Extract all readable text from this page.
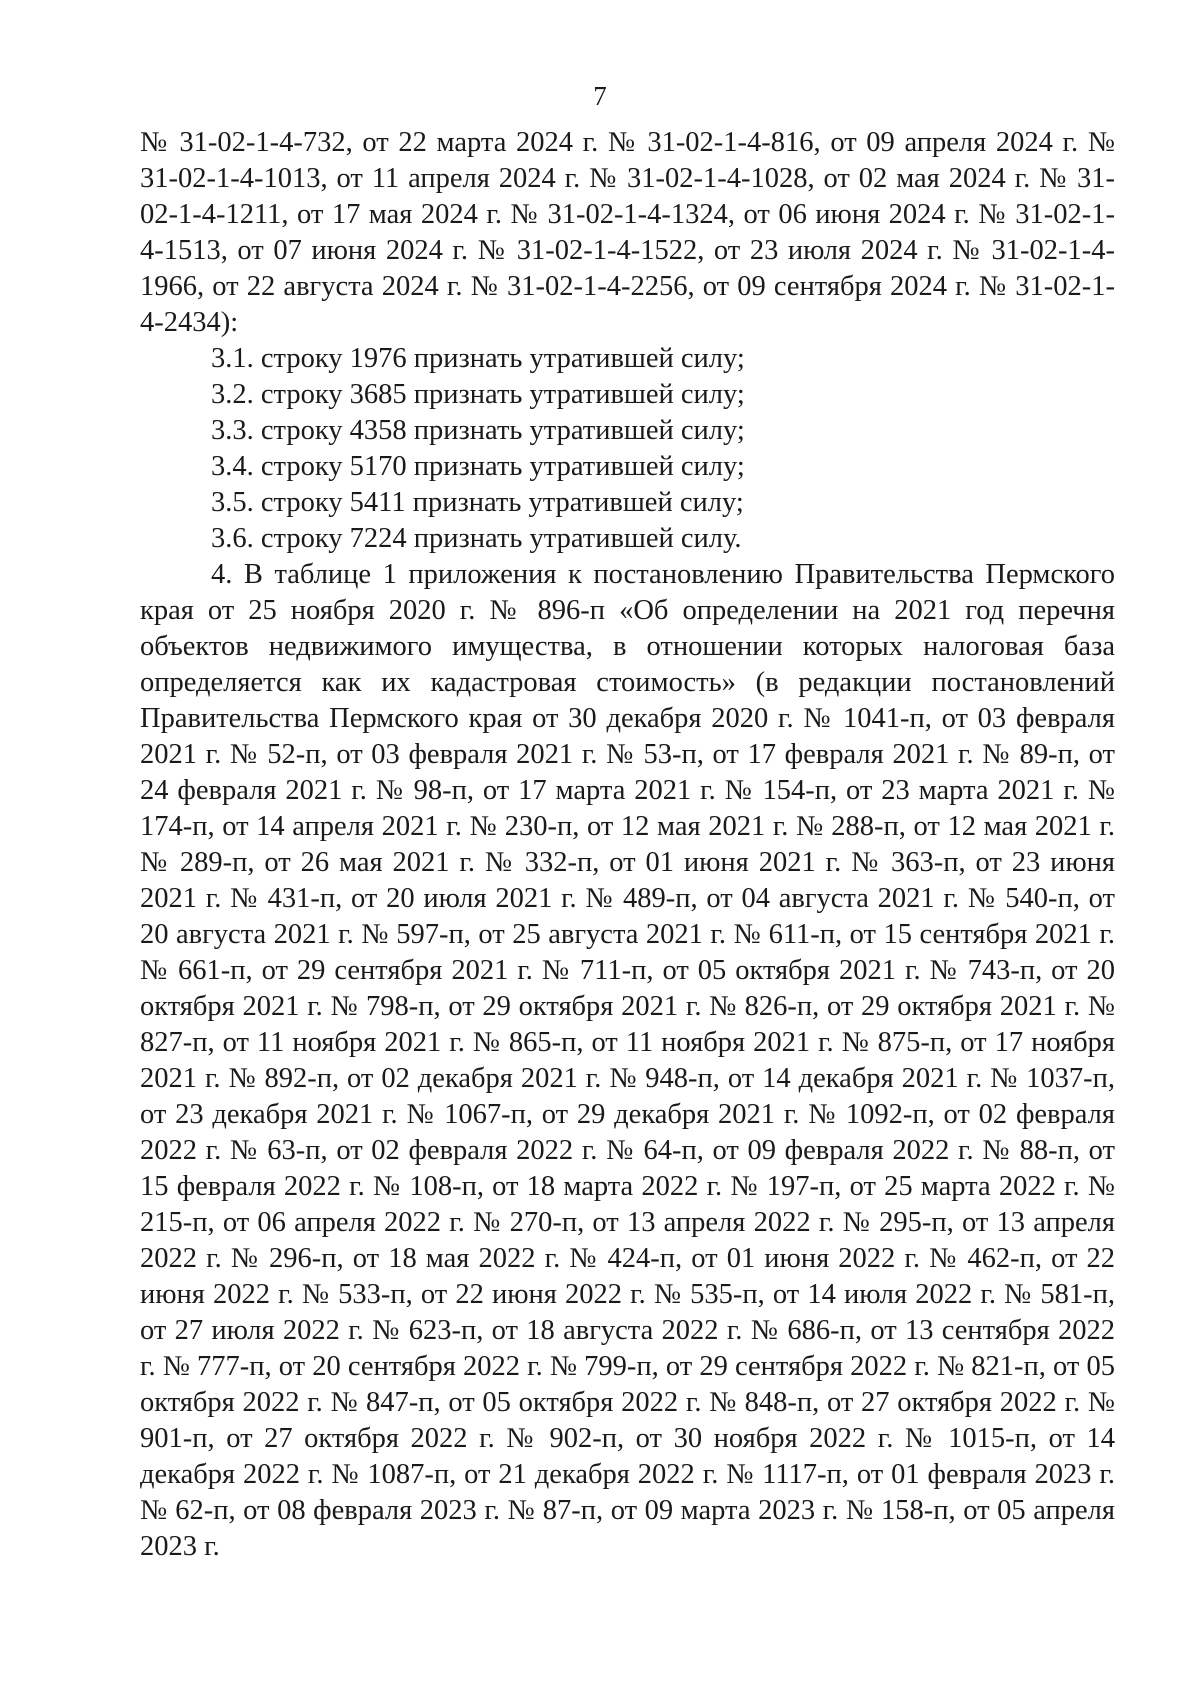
7

№ 31-02-1-4-732, от 22 марта 2024 г. № 31-02-1-4-816, от 09 апреля 2024 г. № 31-02-1-4-1013, от 11 апреля 2024 г. № 31-02-1-4-1028, от 02 мая 2024 г. № 31-02-1-4-1211, от 17 мая 2024 г. № 31-02-1-4-1324, от 06 июня 2024 г. № 31-02-1-4-1513, от 07 июня 2024 г. № 31-02-1-4-1522, от 23 июля 2024 г. № 31-02-1-4-1966, от 22 августа 2024 г. № 31-02-1-4-2256, от 09 сентября 2024 г. № 31-02-1-4-2434):

3.1. строку 1976 признать утратившей силу;

3.2. строку 3685 признать утратившей силу;

3.3. строку 4358 признать утратившей силу;

3.4. строку 5170 признать утратившей силу;

3.5. строку 5411 признать утратившей силу;

3.6. строку 7224 признать утратившей силу.

4. В таблице 1 приложения к постановлению Правительства Пермского края от 25 ноября 2020 г. № 896-п «Об определении на 2021 год перечня объектов недвижимого имущества, в отношении которых налоговая база определяется как их кадастровая стоимость» (в редакции постановлений Правительства Пермского края от 30 декабря 2020 г. № 1041-п, от 03 февраля 2021 г. № 52-п, от 03 февраля 2021 г. № 53-п, от 17 февраля 2021 г. № 89-п, от 24 февраля 2021 г. № 98-п, от 17 марта 2021 г. № 154-п, от 23 марта 2021 г. № 174-п, от 14 апреля 2021 г. № 230-п, от 12 мая 2021 г. № 288-п, от 12 мая 2021 г. № 289-п, от 26 мая 2021 г. № 332-п, от 01 июня 2021 г. № 363-п, от 23 июня 2021 г. № 431-п, от 20 июля 2021 г. № 489-п, от 04 августа 2021 г. № 540-п, от 20 августа 2021 г. № 597-п, от 25 августа 2021 г. № 611-п, от 15 сентября 2021 г. № 661-п, от 29 сентября 2021 г. № 711-п, от 05 октября 2021 г. № 743-п, от 20 октября 2021 г. № 798-п, от 29 октября 2021 г. № 826-п, от 29 октября 2021 г. № 827-п, от 11 ноября 2021 г. № 865-п, от 11 ноября 2021 г. № 875-п, от 17 ноября 2021 г. № 892-п, от 02 декабря 2021 г. № 948-п, от 14 декабря 2021 г. № 1037-п, от 23 декабря 2021 г. № 1067-п, от 29 декабря 2021 г. № 1092-п, от 02 февраля 2022 г. № 63-п, от 02 февраля 2022 г. № 64-п, от 09 февраля 2022 г. № 88-п, от 15 февраля 2022 г. № 108-п, от 18 марта 2022 г. № 197-п, от 25 марта 2022 г. № 215-п, от 06 апреля 2022 г. № 270-п, от 13 апреля 2022 г. № 295-п, от 13 апреля 2022 г. № 296-п, от 18 мая 2022 г. № 424-п, от 01 июня 2022 г. № 462-п, от 22 июня 2022 г. № 533-п, от 22 июня 2022 г. № 535-п, от 14 июля 2022 г. № 581-п, от 27 июля 2022 г. № 623-п, от 18 августа 2022 г. № 686-п, от 13 сентября 2022 г. № 777-п, от 20 сентября 2022 г. № 799-п, от 29 сентября 2022 г. № 821-п, от 05 октября 2022 г. № 847-п, от 05 октября 2022 г. № 848-п, от 27 октября 2022 г. № 901-п, от 27 октября 2022 г. № 902-п, от 30 ноября 2022 г. № 1015-п, от 14 декабря 2022 г. № 1087-п, от 21 декабря 2022 г. № 1117-п, от 01 февраля 2023 г. № 62-п, от 08 февраля 2023 г. № 87-п, от 09 марта 2023 г. № 158-п, от 05 апреля 2023 г.
